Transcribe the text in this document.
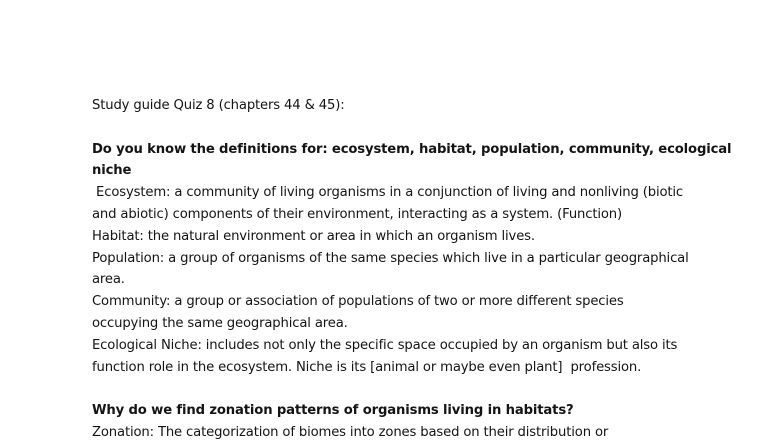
Study guide Quiz 8 (chapters 44 & 45):
Do you know the definitions for: ecosystem, habitat, population, community, ecological
niche
Ecosystem: a community of living organisms in a conjunction of living and nonliving (biotic
and abiotic) components of their environment, interacting as a system. (Function)
Habitat: the natural environment or area in which an organism lives.
Population: a group of organisms of the same species which live in a particular geographical
area.
Community: a group or association of populations of two or more different species
occupying the same geographical area.
Ecological Niche: includes not only the specific space occupied by an organism but also its
function role in the ecosystem. Niche is its [animal or maybe even plant]  profession.
Why do we find zonation patterns of organisms living in habitats?
Zonation: The categorization of biomes into zones based on their distribution or
